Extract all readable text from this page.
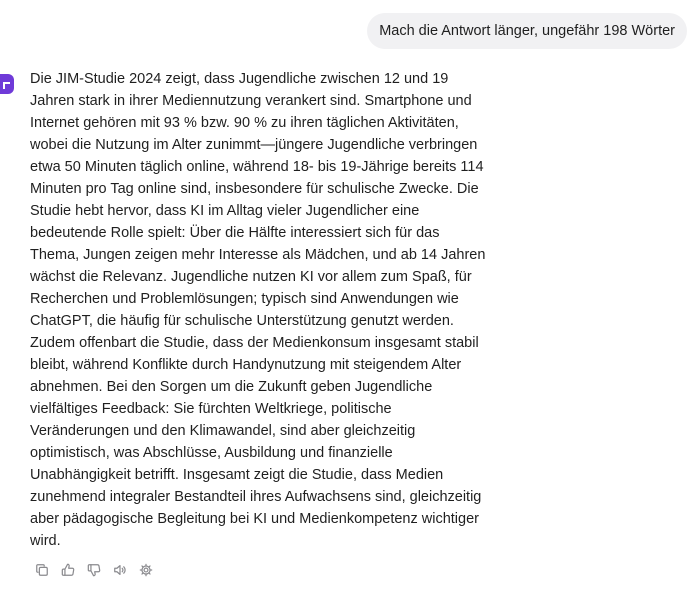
Mach die Antwort länger, ungefähr 198 Wörter

Die JIM-Studie 2024 zeigt, dass Jugendliche zwischen 12 und 19 Jahren stark in ihrer Mediennutzung verankert sind. Smartphone und Internet gehören mit 93 % bzw. 90 % zu ihren täglichen Aktivitäten, wobei die Nutzung im Alter zunimmt—jüngere Jugendliche verbringen etwa 50 Minuten täglich online, während 18- bis 19-Jährige bereits 114 Minuten pro Tag online sind, insbesondere für schulische Zwecke. Die Studie hebt hervor, dass KI im Alltag vieler Jugendlicher eine bedeutende Rolle spielt: Über die Hälfte interessiert sich für das Thema, Jungen zeigen mehr Interesse als Mädchen, und ab 14 Jahren wächst die Relevanz. Jugendliche nutzen KI vor allem zum Spaß, für Recherchen und Problemlösungen; typisch sind Anwendungen wie ChatGPT, die häufig für schulische Unterstützung genutzt werden. Zudem offenbart die Studie, dass der Medienkonsum insgesamt stabil bleibt, während Konflikte durch Handynutzung mit steigendem Alter abnehmen. Bei den Sorgen um die Zukunft geben Jugendliche vielfältiges Feedback: Sie fürchten Weltkriege, politische Veränderungen und den Klimawandel, sind aber gleichzeitig optimistisch, was Abschlüsse, Ausbildung und finanzielle Unabhängigkeit betrifft. Insgesamt zeigt die Studie, dass Medien zunehmend integraler Bestandteil ihres Aufwachsens sind, gleichzeitig aber pädagogische Begleitung bei KI und Medienkompetenz wichtiger wird.
